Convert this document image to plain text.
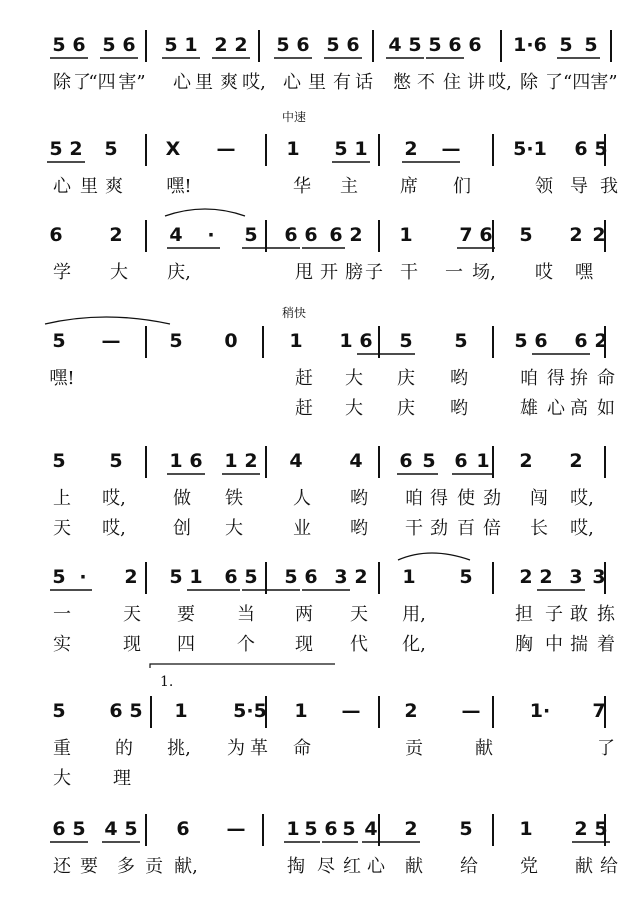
5 6 5 6 5 1 2 2 5 6 5 6 4 5 5 6 6 1·6 5 5
除 了
“四 害” 心 里 爽 哎, 心 里 有 话 憋 不 住 讲 哎, 除 了“四 害”
中速
5 2 5	X —	1 5 1 2 —	5·1 6 5
心 里 爽 嘿!	华 主 席	领 导 我
们
6 2 4	·	5 6 6 6 2 1 7 6 5 2 2
学 大 庆,	甩 开 膀 子 干 一 场, 哎 嘿
稍快
5 —	5 0	1 1 6 5 5 5 6 6 2
嘿!	赶 大 庆 哟	咱 得 拚 命
赶 大 庆 哟	雄 心 高 如
5 5 1 6 1 2 4 4 6 5 6 1 2 2
上 哎,	做 铁	人 哟 咱 得 使 劲 闯 哎,
天 哎,	创 大	业 哟 干 劲 百 倍 长 哎,
5 ·	2 5 1 6 5 5 6 3 2 1 5 2 2 3 3
一	天 要 当 两 天 用,	担 子 敢 拣
实	现 四 个 现 代 化,	胸 中 揣 着
1.
5 6 5 1 5·5 1 — 2 —	1·	7
重 的 挑, 为 革 命	贡	献	了
大 理
6 5 4 5 6 — 1 5 6 5 4 2 5 1 2 5
还 要 多 贡 献,	掏 尽 红 心 献 给 党 献 给
